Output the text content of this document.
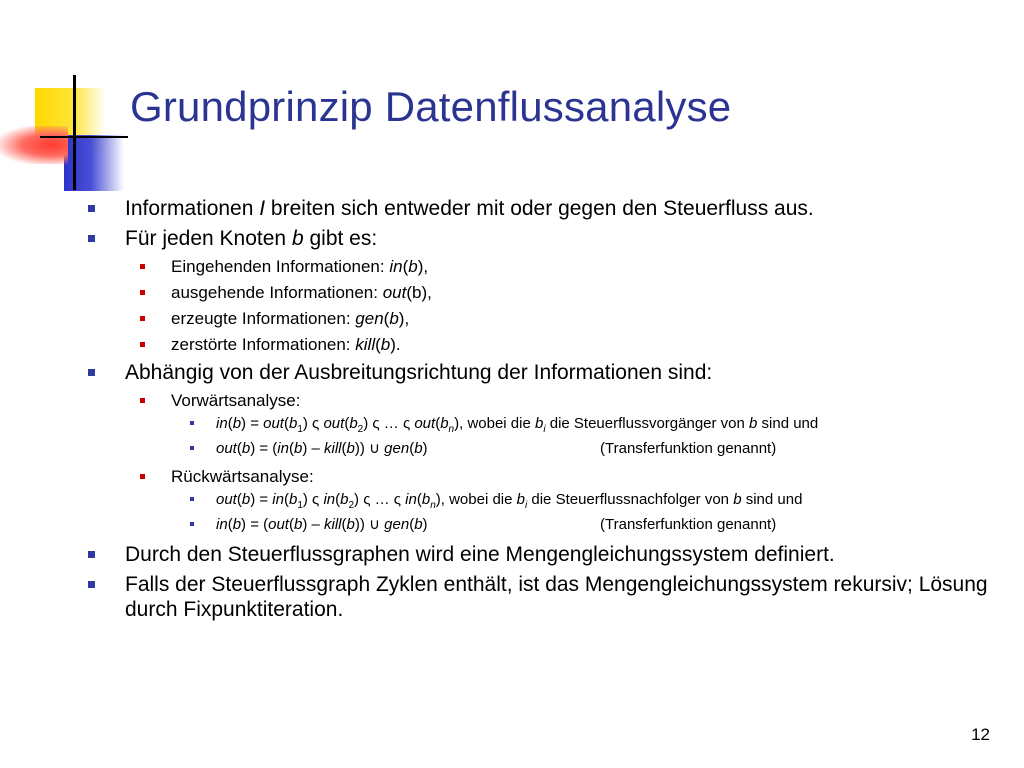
Grundprinzip Datenflussanalyse
Informationen I breiten sich entweder mit oder gegen den Steuerfluss aus.
Für jeden Knoten b gibt es:
Eingehenden Informationen: in(b),
ausgehende Informationen: out(b),
erzeugte Informationen: gen(b),
zerstörte Informationen: kill(b).
Abhängig von der Ausbreitungsrichtung der Informationen sind:
Vorwärtsanalyse:
$in(b) = out(b_1)$ ς $out(b_2)$ ς … ς $out(b_n)$, wobei die $b_i$ die Steuerflussvorgänger von b sind und
out(b) = (in(b) – kill(b)) ∪ gen(b)	(Transferfunktion genannt)
Rückwärtsanalyse:
$out(b) = in(b_1)$ ς $in(b_2)$ ς … ς $in(b_n)$, wobei die $b_i$ die Steuerflussnachfolger von b sind und
in(b) = (out(b) – kill(b)) ∪ gen(b)	(Transferfunktion genannt)
Durch den Steuerflussgraphen wird eine Mengengleichungssystem definiert.
Falls der Steuerflussgraph Zyklen enthält, ist das Mengengleichungssystem rekursiv; Lösung durch Fixpunktiteration.
12
